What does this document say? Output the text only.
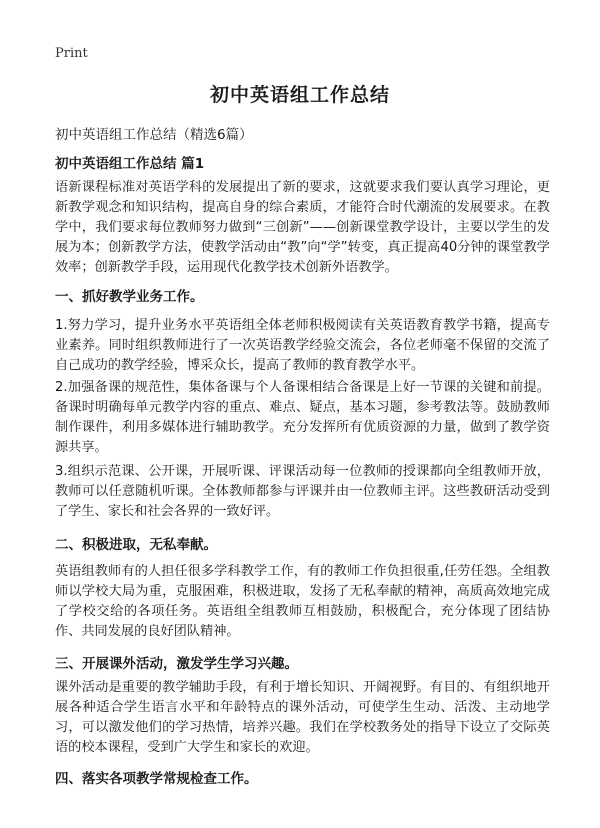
Print
初中英语组工作总结
初中英语组工作总结（精选6篇）
初中英语组工作总结 篇1

语新课程标准对英语学科的发展提出了新的要求，这就要求我们要认真学习理论，更新教学观念和知识结构，提高自身的综合素质，才能符合时代潮流的发展要求。在教学中，我们要求每位教师努力做到“三创新”——创新课堂教学设计，主要以学生的发展为本；创新教学方法，使教学活动由“教”向“学”转变，真正提高40分钟的课堂教学效率；创新教学手段，运用现代化教学技术创新外语教学。

一、抓好教学业务工作。

1.努力学习，提升业务水平英语组全体老师积极阅读有关英语教育教学书籍，提高专业素养。同时组织教师进行了一次英语教学经验交流会，各位老师毫不保留的交流了自己成功的教学经验，博采众长，提高了教师的教育教学水平。

2.加强备课的规范性，集体备课与个人备课相结合备课是上好一节课的关键和前提。备课时明确每单元教学内容的重点、难点、疑点，基本习题，参考教法等。鼓励教师制作课件，利用多媒体进行辅助教学。充分发挥所有优质资源的力量，做到了教学资源共享。

3.组织示范课、公开课，开展听课、评课活动每一位教师的授课都向全组教师开放，教师可以任意随机听课。全体教师都参与评课并由一位教师主评。这些教研活动受到了学生、家长和社会各界的一致好评。

二、积极进取，无私奉献。

英语组教师有的人担任很多学科教学工作，有的教师工作负担很重,任劳任怨。全组教师以学校大局为重，克服困难，积极进取，发扬了无私奉献的精神，高质高效地完成了学校交给的各项任务。英语组全组教师互相鼓励，积极配合，充分体现了团结协作、共同发展的良好团队精神。

三、开展课外活动，激发学生学习兴趣。

课外活动是重要的教学辅助手段，有利于增长知识、开阔视野。有目的、有组织地开展各种适合学生语言水平和年龄特点的课外活动，可使学生生动、活泼、主动地学习，可以激发他们的学习热情，培养兴趣。我们在学校教务处的指导下设立了交际英语的校本课程，受到广大学生和家长的欢迎。

四、落实各项教学常规检查工作。
